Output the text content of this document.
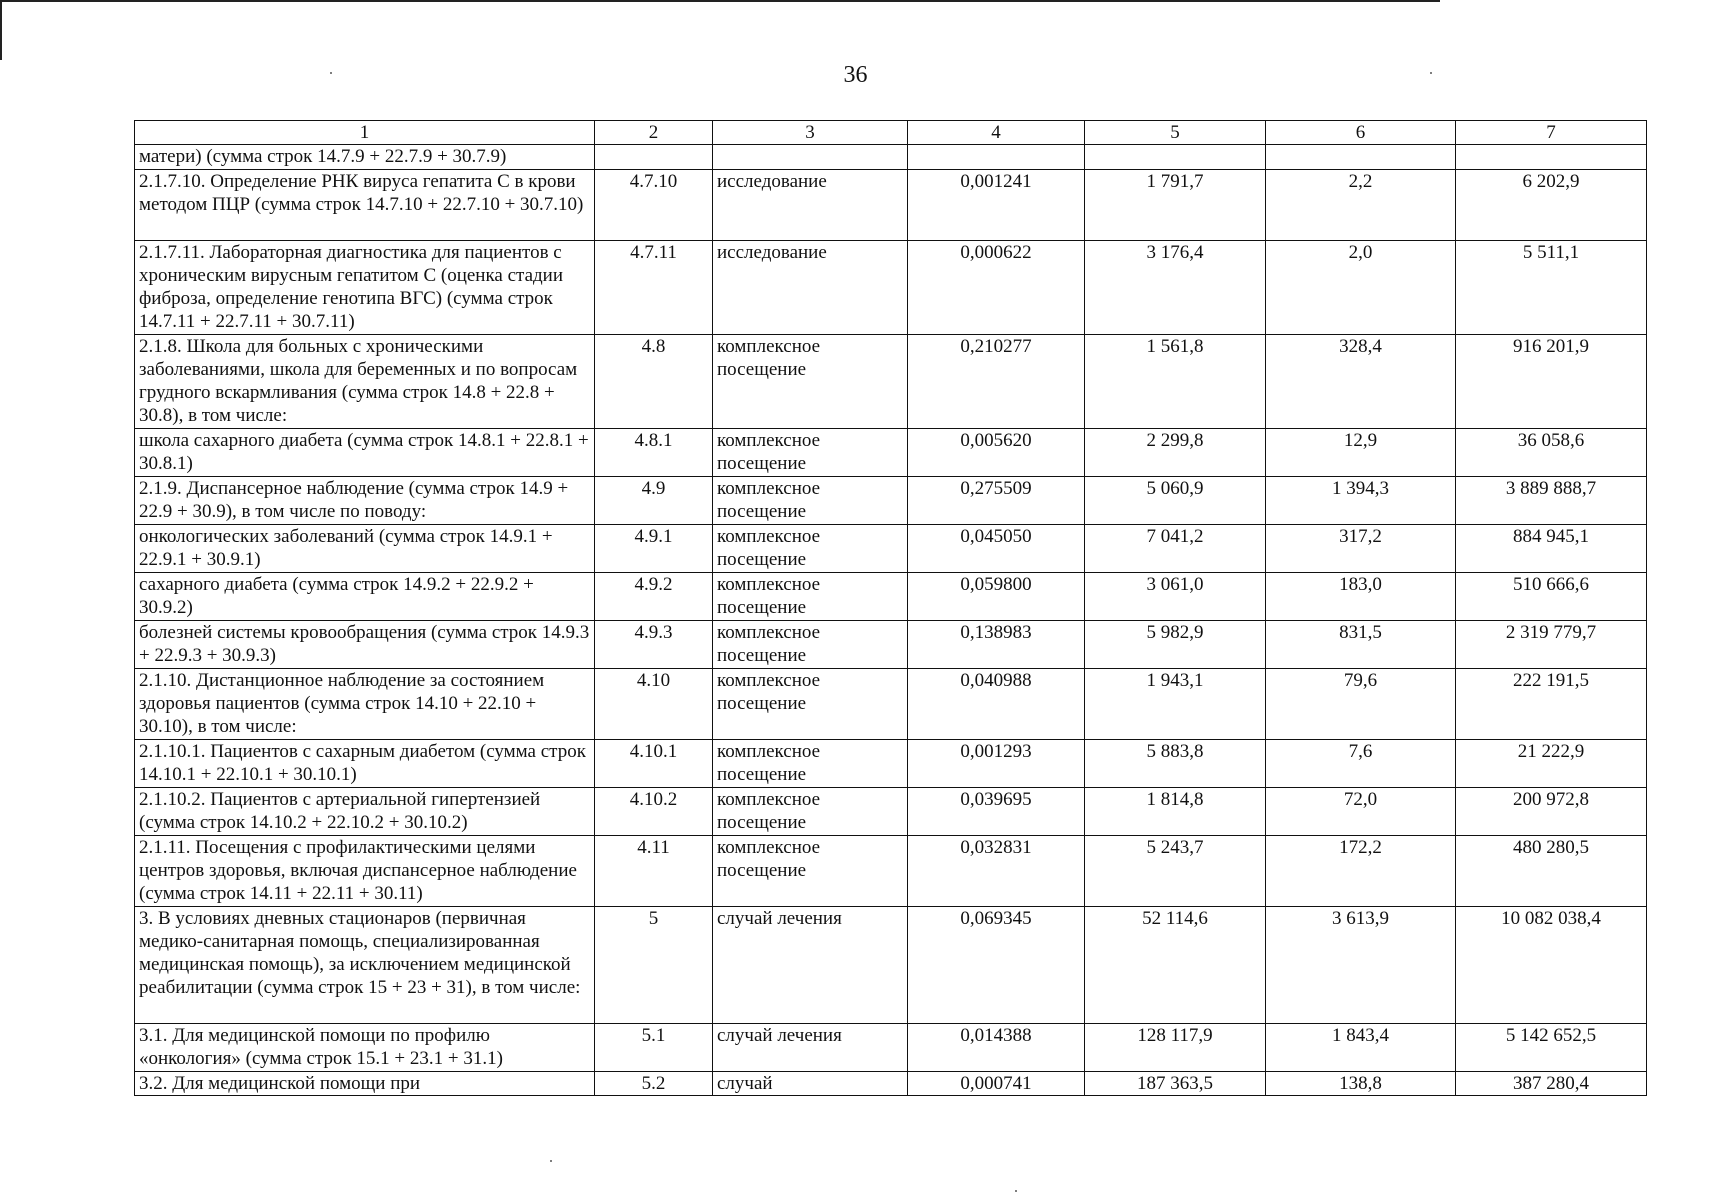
36
1	2	3	4	5	6	7
матери) (сумма строк 14.7.9 + 22.7.9 + 30.7.9)						
2.1.7.10. Определение РНК вируса гепатита С в крови методом ПЦР (сумма строк 14.7.10 + 22.7.10 + 30.7.10)	4.7.10	исследование	0,001241	1 791,7	2,2	6 202,9
2.1.7.11. Лабораторная диагностика для пациентов с хроническим вирусным гепатитом С (оценка стадии фиброза, определение генотипа ВГС) (сумма строк 14.7.11 + 22.7.11 + 30.7.11)	4.7.11	исследование	0,000622	3 176,4	2,0	5 511,1
2.1.8. Школа для больных с хроническими заболеваниями, школа для беременных и по вопросам грудного вскармливания (сумма строк 14.8 + 22.8 + 30.8), в том числе:	4.8	комплексное посещение	0,210277	1 561,8	328,4	916 201,9
школа сахарного диабета (сумма строк 14.8.1 + 22.8.1 + 30.8.1)	4.8.1	комплексное посещение	0,005620	2 299,8	12,9	36 058,6
2.1.9. Диспансерное наблюдение (сумма строк 14.9 + 22.9 + 30.9), в том числе по поводу:	4.9	комплексное посещение	0,275509	5 060,9	1 394,3	3 889 888,7
онкологических заболеваний (сумма строк 14.9.1 + 22.9.1 + 30.9.1)	4.9.1	комплексное посещение	0,045050	7 041,2	317,2	884 945,1
сахарного диабета (сумма строк 14.9.2 + 22.9.2 + 30.9.2)	4.9.2	комплексное посещение	0,059800	3 061,0	183,0	510 666,6
болезней системы кровообращения (сумма строк 14.9.3 + 22.9.3 + 30.9.3)	4.9.3	комплексное посещение	0,138983	5 982,9	831,5	2 319 779,7
2.1.10. Дистанционное наблюдение за состоянием здоровья пациентов (сумма строк 14.10 + 22.10 + 30.10), в том числе:	4.10	комплексное посещение	0,040988	1 943,1	79,6	222 191,5
2.1.10.1. Пациентов с сахарным диабетом (сумма строк 14.10.1 + 22.10.1 + 30.10.1)	4.10.1	комплексное посещение	0,001293	5 883,8	7,6	21 222,9
2.1.10.2. Пациентов с артериальной гипертензией (сумма строк 14.10.2 + 22.10.2 + 30.10.2)	4.10.2	комплексное посещение	0,039695	1 814,8	72,0	200 972,8
2.1.11. Посещения с профилактическими целями центров здоровья, включая диспансерное наблюдение (сумма строк 14.11 + 22.11 + 30.11)	4.11	комплексное посещение	0,032831	5 243,7	172,2	480 280,5
3. В условиях дневных стационаров (первичная медико-санитарная помощь, специализированная медицинская помощь), за исключением медицинской реабилитации (сумма строк 15 + 23 + 31), в том числе:	5	случай лечения	0,069345	52 114,6	3 613,9	10 082 038,4
3.1. Для медицинской помощи по профилю «онкология» (сумма строк 15.1 + 23.1 + 31.1)	5.1	случай лечения	0,014388	128 117,9	1 843,4	5 142 652,5
3.2. Для медицинской помощи при	5.2	случай	0,000741	187 363,5	138,8	387 280,4
